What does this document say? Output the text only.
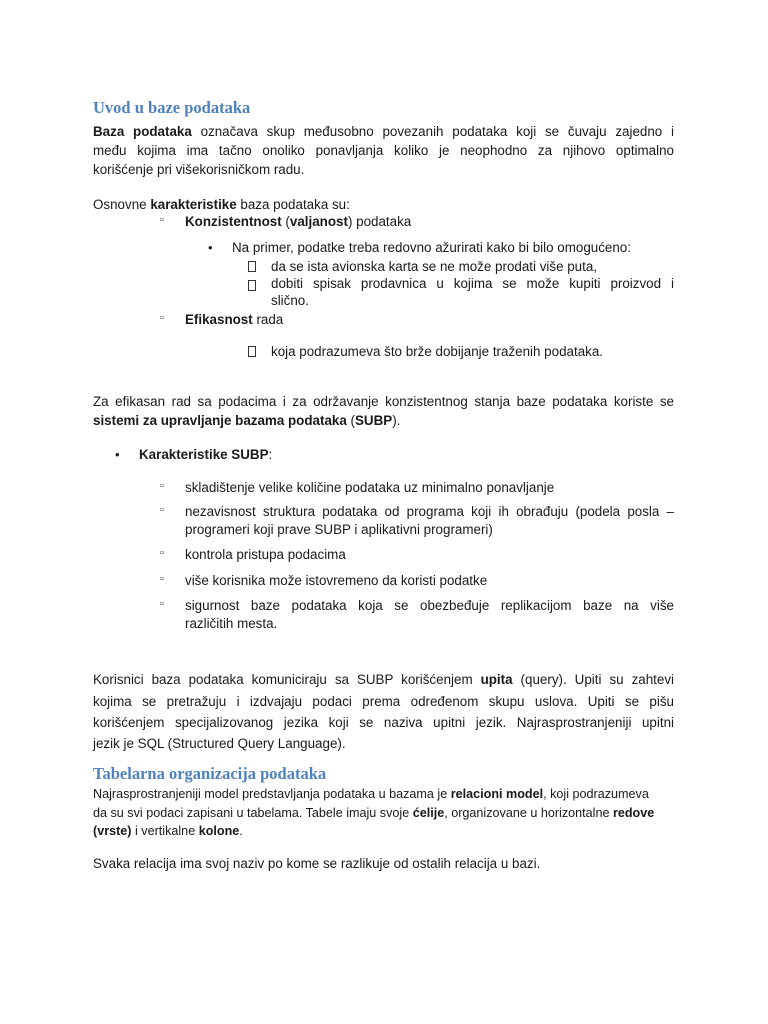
Uvod u baze podataka
Baza podataka označava skup međusobno povezanih podataka koji se čuvaju zajedno i
među kojima ima tačno onoliko ponavljanja koliko je neophodno za njihovo optimalno
korišćenje pri višekorisničkom radu.
Osnovne karakteristike baza podataka su:
▫ Konzistentnost (valjanost) podataka
• Na primer, podatke treba redovno ažurirati kako bi bilo omogućeno:
da se ista avionska karta se ne može prodati više puta,
dobiti spisak prodavnica u kojima se može kupiti proizvod i
slično.
▫ Efikasnost rada
koja podrazumeva što brže dobijanje traženih podataka.
Za efikasan rad sa podacima i za održavanje konzistentnog stanja baze podataka koriste se
sistemi za upravljanje bazama podataka (SUBP).
• Karakteristike SUBP:
▫ skladištenje velike količine podataka uz minimalno ponavljanje
▫ nezavisnost struktura podataka od programa koji ih obrađuju (podela posla –
programeri koji prave SUBP i aplikativni programeri)
▫ kontrola pristupa podacima
▫ više korisnika može istovremeno da koristi podatke
▫ sigurnost baze podataka koja se obezbeđuje replikacijom baze na više
različitih mesta.
Korisnici baza podataka komuniciraju sa SUBP korišćenjem upita (query). Upiti su zahtevi
kojima se pretražuju i izdvajaju podaci prema određenom skupu uslova. Upiti se pišu
korišćenjem specijalizovanog jezika koji se naziva upitni jezik. Najrasprostranjeniji upitni
jezik je SQL (Structured Query Language).
Tabelarna organizacija podataka
Najrasprostranjeniji model predstavljanja podataka u bazama je relacioni model, koji podrazumeva
da su svi podaci zapisani u tabelama. Tabele imaju svoje ćelije, organizovane u horizontalne redove
(vrste) i vertikalne kolone.
Svaka relacija ima svoj naziv po kome se razlikuje od ostalih relacija u bazi.
